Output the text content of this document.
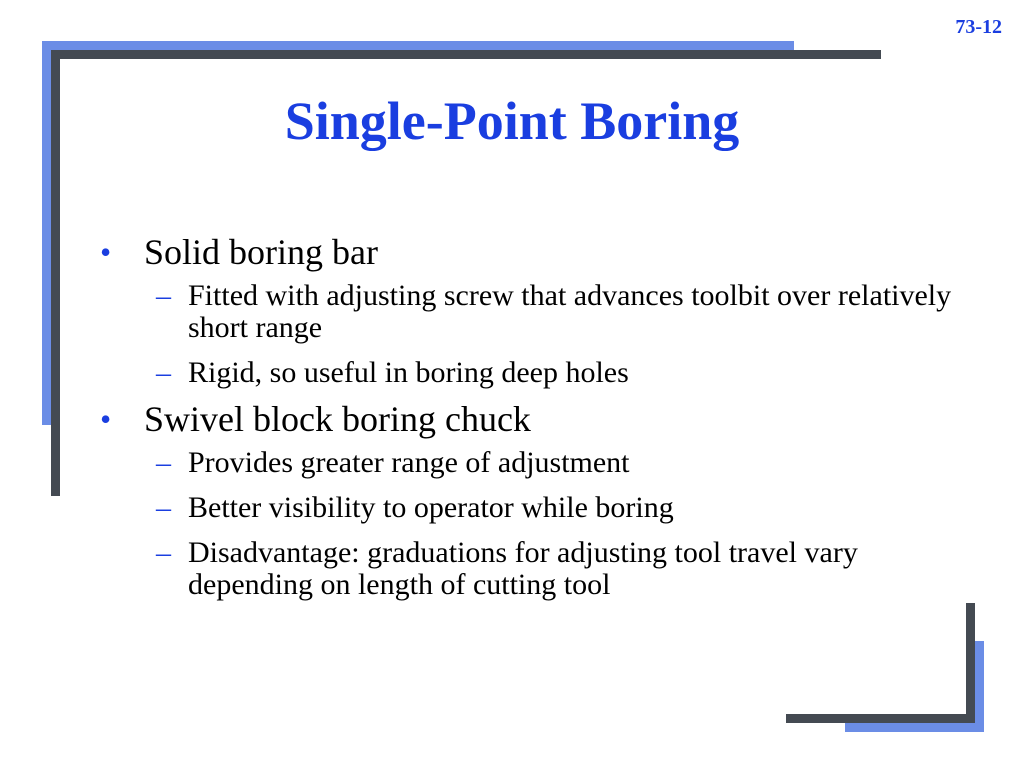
73-12
Single-Point Boring
• Solid boring bar
– Fitted with adjusting screw that advances toolbit over relatively short range
– Rigid, so useful in boring deep holes
• Swivel block boring chuck
– Provides greater range of adjustment
– Better visibility to operator while boring
– Disadvantage: graduations for adjusting tool travel vary depending on length of cutting tool
